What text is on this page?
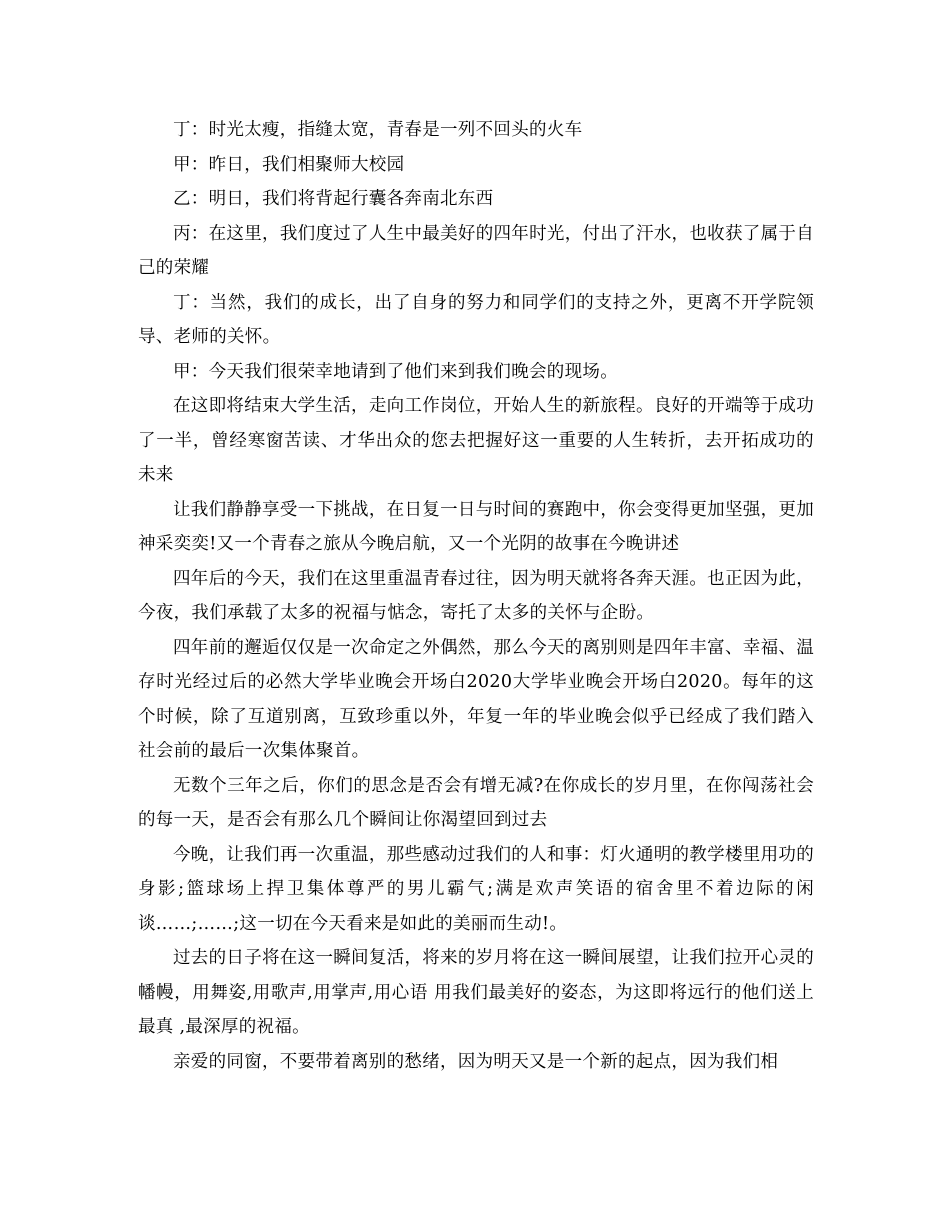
丁：时光太瘦，指缝太宽，青春是一列不回头的火车

甲：昨日，我们相聚师大校园

乙：明日，我们将背起行囊各奔南北东西

丙：在这里，我们度过了人生中最美好的四年时光，付出了汗水，也收获了属于自己的荣耀

丁：当然，我们的成长，出了自身的努力和同学们的支持之外，更离不开学院领导、老师的关怀。

甲：今天我们很荣幸地请到了他们来到我们晚会的现场。

在这即将结束大学生活，走向工作岗位，开始人生的新旅程。良好的开端等于成功了一半，曾经寒窗苦读、才华出众的您去把握好这一重要的人生转折，去开拓成功的未来

让我们静静享受一下挑战，在日复一日与时间的赛跑中，你会变得更加坚强，更加神采奕奕!又一个青春之旅从今晚启航，又一个光阴的故事在今晚讲述

四年后的今天，我们在这里重温青春过往，因为明天就将各奔天涯。也正因为此，今夜，我们承载了太多的祝福与惦念，寄托了太多的关怀与企盼。

四年前的邂逅仅仅是一次命定之外偶然，那么今天的离别则是四年丰富、幸福、温存时光经过后的必然大学毕业晚会开场白2020大学毕业晚会开场白2020。每年的这个时候，除了互道别离，互致珍重以外，年复一年的毕业晚会似乎已经成了我们踏入社会前的最后一次集体聚首。

无数个三年之后，你们的思念是否会有增无减?在你成长的岁月里，在你闯荡社会的每一天，是否会有那么几个瞬间让你渴望回到过去

今晚，让我们再一次重温，那些感动过我们的人和事：灯火通明的教学楼里用功的身影;篮球场上捍卫集体尊严的男儿霸气;满是欢声笑语的宿舍里不着边际的闲谈……;……;这一切在今天看来是如此的美丽而生动!。

过去的日子将在这一瞬间复活，将来的岁月将在这一瞬间展望，让我们拉开心灵的幡幔，用舞姿,用歌声,用掌声,用心语 用我们最美好的姿态，为这即将远行的他们送上最真 ,最深厚的祝福。

亲爱的同窗，不要带着离别的愁绪，因为明天又是一个新的起点，因为我们相
